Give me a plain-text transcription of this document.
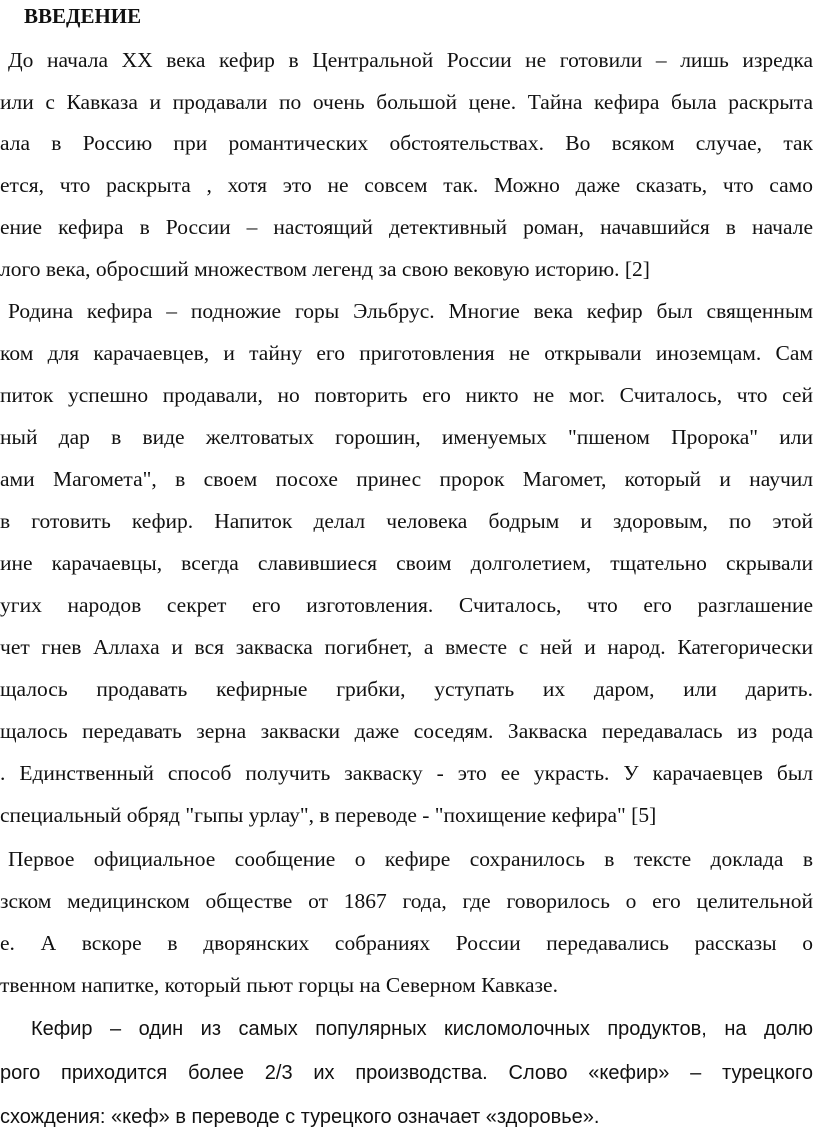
ВВЕДЕНИЕ
До начала XX века кефир в Центральной России не готовили – лишь изредка
или с Кавказа и продавали по очень большой цене. Тайна кефира была раскрыта
ала в Россию при романтических обстоятельствах. Во всяком случае, так
ется, что раскрыта , хотя это не совсем так. Можно даже сказать, что само
ение кефира в России – настоящий детективный роман, начавшийся в начале
лого века, обросший множеством легенд за свою вековую историю. [2]
Родина кефира – подножие горы Эльбрус. Многие века кефир был священным
ком для карачаевцев, и тайну его приготовления не открывали иноземцам. Сам
питок успешно продавали, но повторить его никто не мог. Считалось, что сей
ный дар в виде желтоватых горошин, именуемых "пшеном Пророка" или
ами Магомета", в своем посохе принес пророк Магомет, который и научил
в готовить кефир. Напиток делал человека бодрым и здоровым, по этой
ине карачаевцы, всегда славившиеся своим долголетием, тщательно скрывали
угих народов секрет его изготовления. Считалось, что его разглашение
чет гнев Аллаха и вся закваска погибнет, а вместе с ней и народ. Категорически
щалось продавать кефирные грибки, уступать их даром, или дарить.
щалось передавать зерна закваски даже соседям. Закваска передавалась из рода
. Единственный способ получить закваску - это ее украсть. У карачаевцев был
специальный обряд "гыпы урлау", в переводе - "похищение кефира" [5]
Первое официальное сообщение о кефире сохранилось в тексте доклада в
зском медицинском обществе от 1867 года, где говорилось о его целительной
е. А вскоре в дворянских собраниях России передавались рассказы о
твенном напитке, который пьют горцы на Северном Кавказе.
Кефир – один из самых популярных кисломолочных продуктов, на долю
рого приходится более 2/3 их производства. Слово «кефир» – турецкого
схождения: «кеф» в переводе с турецкого означает «здоровье».
